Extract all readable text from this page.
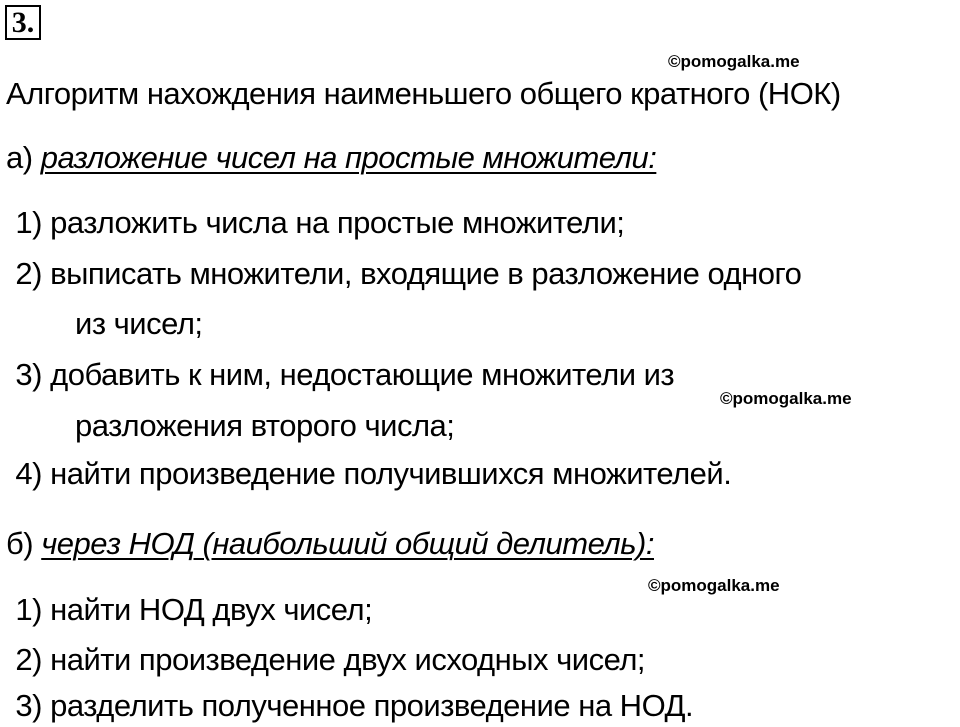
3.
©pomogalka.me
©pomogalka.me
©pomogalka.me
Алгоритм нахождения наименьшего общего кратного (НОК)
а) разложение чисел на простые множители:
1) разложить числа на простые множители;
2) выписать множители, входящие в разложение одного
из чисел;
3) добавить к ним, недостающие множители из
разложения второго числа;
4) найти произведение получившихся множителей.
б) через НОД (наибольший общий делитель):
1) найти НОД двух чисел;
2) найти произведение двух исходных чисел;
3) разделить полученное произведение на НОД.
